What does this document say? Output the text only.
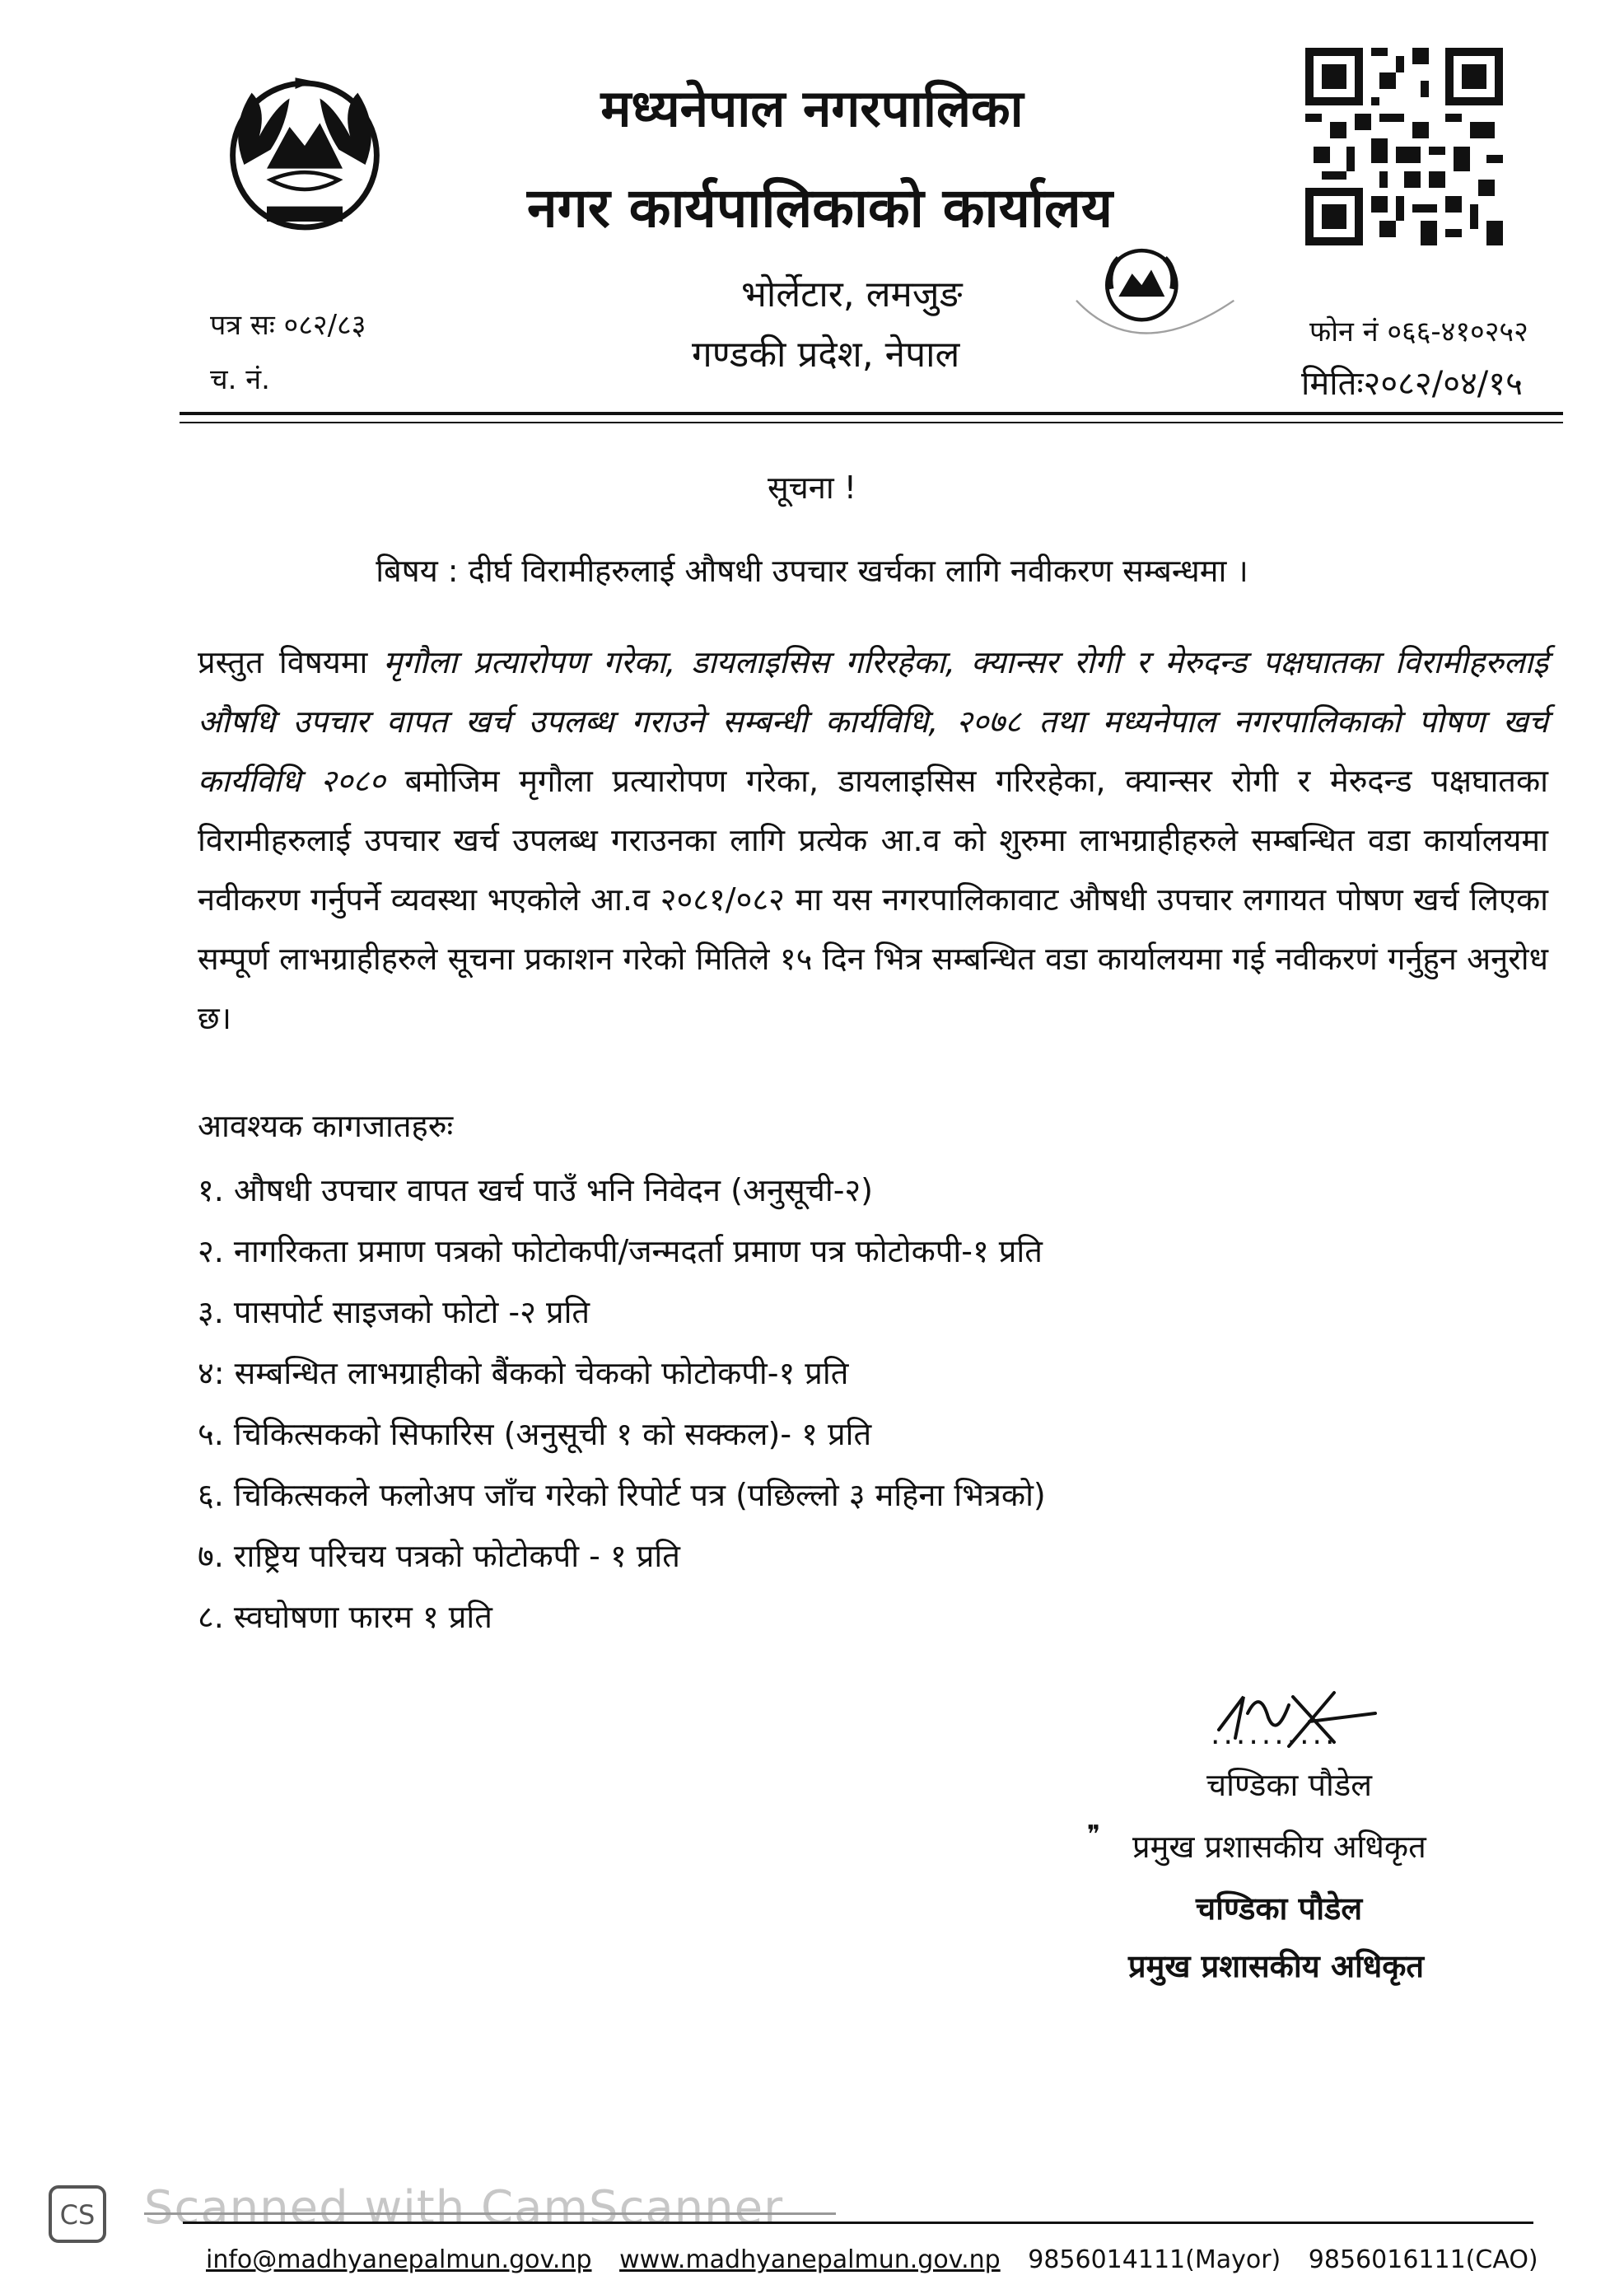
मध्यनेपाल नगरपालिका
नगर कार्यपालिकाको कार्यालय
भोर्लेटार, लमजुङ
गण्डकी प्रदेश, नेपाल
पत्र सः ०८२/८३
च. नं.
फोन नं ०६६-४१०२५२
मितिः२०८२/०४/१५
सूचना !
बिषय : दीर्घ विरामीहरुलाई औषधी उपचार खर्चका लागि नवीकरण सम्बन्धमा ।
प्रस्तुत विषयमा मृगौला प्रत्यारोपण गरेका, डायलाइसिस गरिरहेका, क्यान्सर रोगी र मेरुदन्ड पक्षघातका विरामीहरुलाई औषधि उपचार वापत खर्च उपलब्ध गराउने सम्बन्धी कार्यविधि, २०७८ तथा मध्यनेपाल नगरपालिकाको पोषण खर्च कार्यविधि २०८० बमोजिम मृगौला प्रत्यारोपण गरेका, डायलाइसिस गरिरहेका, क्यान्सर रोगी र मेरुदन्ड पक्षघातका विरामीहरुलाई उपचार खर्च उपलब्ध गराउनका लागि प्रत्येक आ.व को शुरुमा लाभग्राहीहरुले सम्बन्धित वडा कार्यालयमा नवीकरण गर्नुपर्ने व्यवस्था भएकोले आ.व २०८१/०८२ मा यस नगरपालिकावाट औषधी उपचार लगायत पोषण खर्च लिएका सम्पूर्ण लाभग्राहीहरुले सूचना प्रकाशन गरेको मितिले १५ दिन भित्र सम्बन्धित वडा कार्यालयमा गई नवीकरणं गर्नुहुन अनुरोध छ।
आवश्यक कागजातहरुः
१. औषधी उपचार वापत खर्च पाउँ भनि निवेदन (अनुसूची-२)
२. नागरिकता प्रमाण पत्रको फोटोकपी/जन्मदर्ता प्रमाण पत्र फोटोकपी-१ प्रति
३. पासपोर्ट साइजको फोटो -२ प्रति
४: सम्बन्धित लाभग्राहीको बैंकको चेकको फोटोकपी-१ प्रति
५. चिकित्सकको सिफारिस (अनुसूची १ को सक्कल)- १ प्रति
६. चिकित्सकले फलोअप जाँच गरेको रिपोर्ट पत्र (पछिल्लो ३ महिना भित्रको)
७. राष्ट्रिय परिचय पत्रको फोटोकपी - १ प्रति
८. स्वघोषणा फारम १ प्रति
..........
चण्डिका पौडेल
❞ प्रमुख प्रशासकीय अधिकृत
चण्डिका पौडेल
प्रमुख प्रशासकीय अधिकृत
CS Scanned with CamScanner
info@madhyanepalmun.gov.np www.madhyanepalmun.gov.np 9856014111(Mayor) 9856016111(CAO)
